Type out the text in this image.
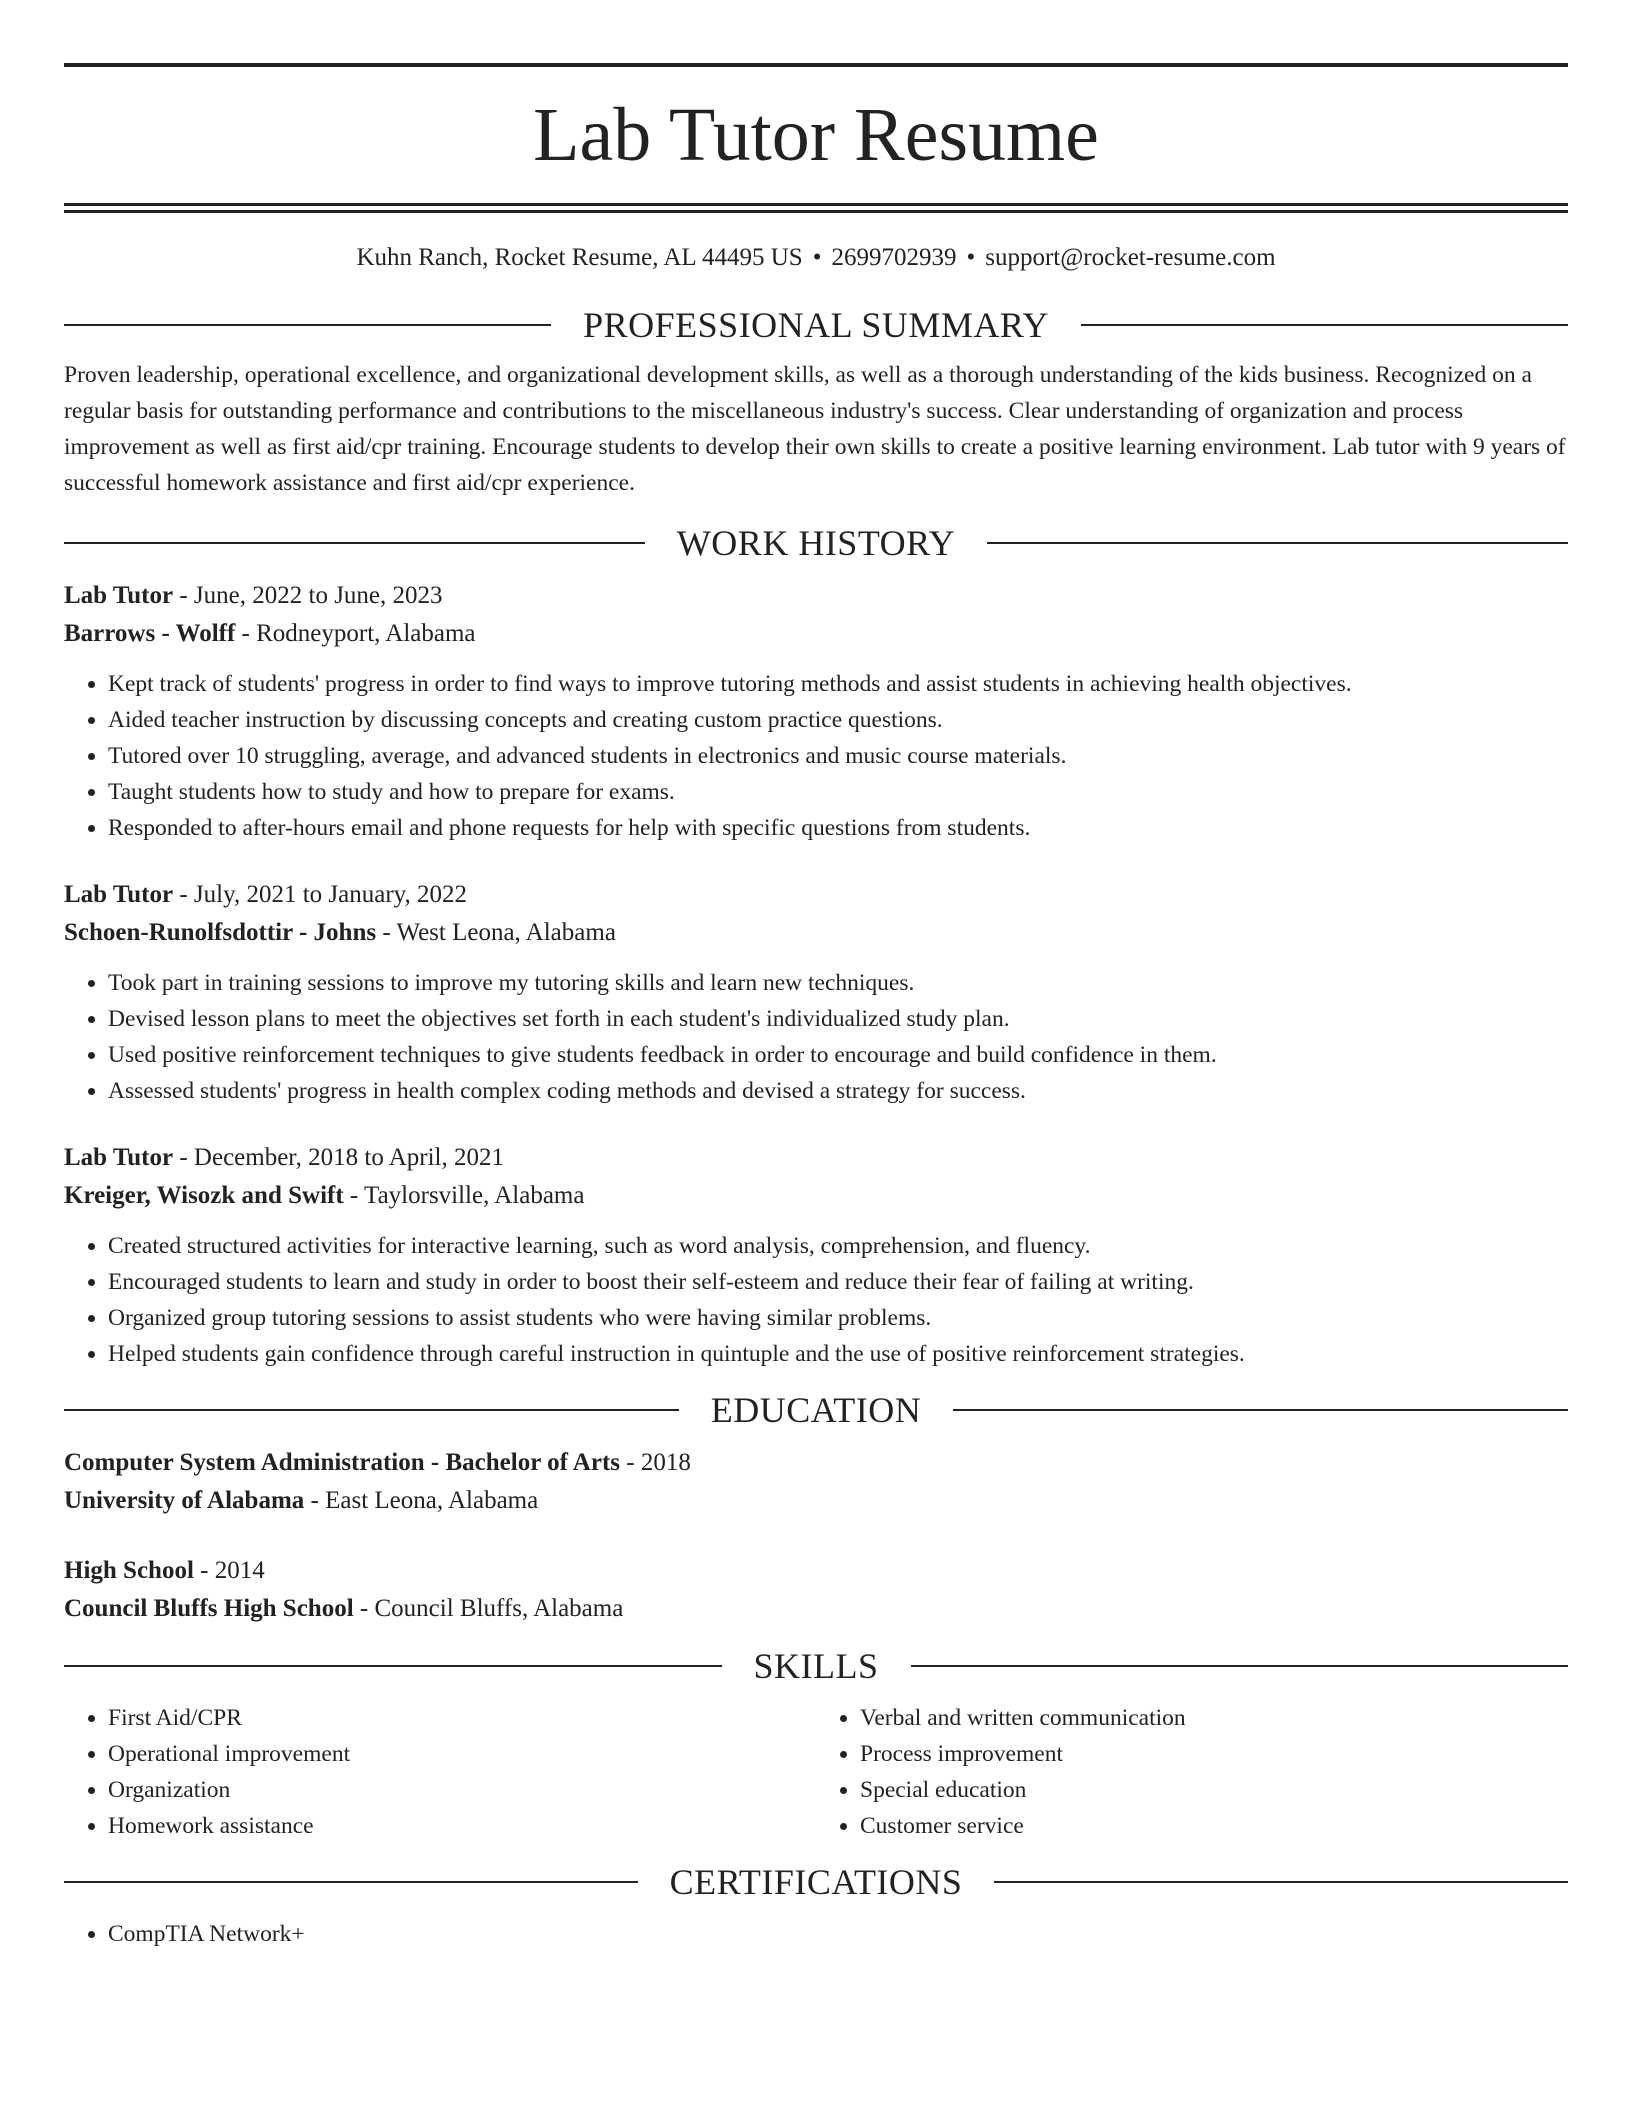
Lab Tutor Resume
Kuhn Ranch, Rocket Resume, AL 44495 US • 2699702939 • support@rocket-resume.com
PROFESSIONAL SUMMARY
Proven leadership, operational excellence, and organizational development skills, as well as a thorough understanding of the kids business. Recognized on a regular basis for outstanding performance and contributions to the miscellaneous industry's success. Clear understanding of organization and process improvement as well as first aid/cpr training. Encourage students to develop their own skills to create a positive learning environment. Lab tutor with 9 years of successful homework assistance and first aid/cpr experience.
WORK HISTORY
Lab Tutor - June, 2022 to June, 2023
Barrows - Wolff - Rodneyport, Alabama
• Kept track of students' progress in order to find ways to improve tutoring methods and assist students in achieving health objectives.
• Aided teacher instruction by discussing concepts and creating custom practice questions.
• Tutored over 10 struggling, average, and advanced students in electronics and music course materials.
• Taught students how to study and how to prepare for exams.
• Responded to after-hours email and phone requests for help with specific questions from students.
Lab Tutor - July, 2021 to January, 2022
Schoen-Runolfsdottir - Johns - West Leona, Alabama
• Took part in training sessions to improve my tutoring skills and learn new techniques.
• Devised lesson plans to meet the objectives set forth in each student's individualized study plan.
• Used positive reinforcement techniques to give students feedback in order to encourage and build confidence in them.
• Assessed students' progress in health complex coding methods and devised a strategy for success.
Lab Tutor - December, 2018 to April, 2021
Kreiger, Wisozk and Swift - Taylorsville, Alabama
• Created structured activities for interactive learning, such as word analysis, comprehension, and fluency.
• Encouraged students to learn and study in order to boost their self-esteem and reduce their fear of failing at writing.
• Organized group tutoring sessions to assist students who were having similar problems.
• Helped students gain confidence through careful instruction in quintuple and the use of positive reinforcement strategies.
EDUCATION
Computer System Administration - Bachelor of Arts - 2018
University of Alabama - East Leona, Alabama
High School - 2014
Council Bluffs High School - Council Bluffs, Alabama
SKILLS
• First Aid/CPR
• Operational improvement
• Organization
• Homework assistance
• Verbal and written communication
• Process improvement
• Special education
• Customer service
CERTIFICATIONS
• CompTIA Network+
